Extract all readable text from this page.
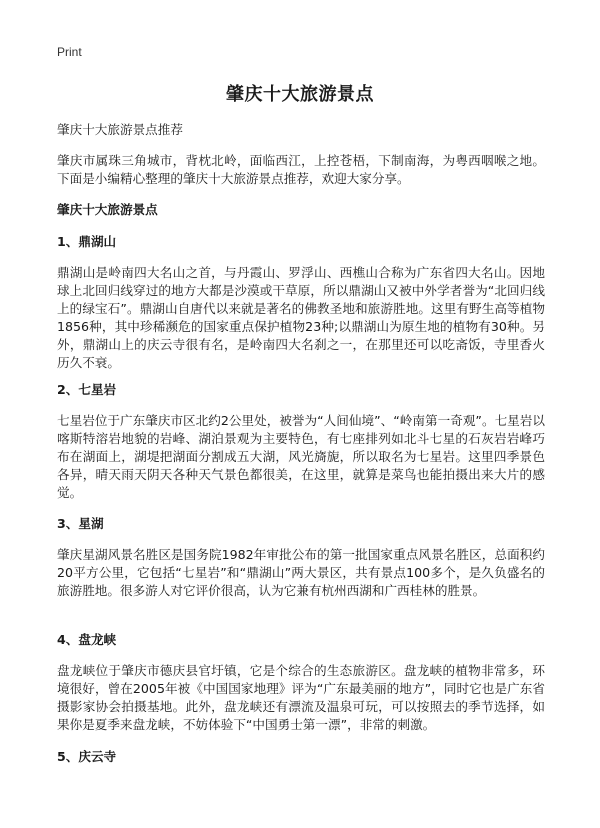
Print
肇庆十大旅游景点

肇庆十大旅游景点推荐

肇庆市属珠三角城市，背枕北岭，面临西江，上控苍梧，下制南海，为粤西咽喉之地。下面是小编精心整理的肇庆十大旅游景点推荐，欢迎大家分享。

肇庆十大旅游景点
1、鼎湖山

鼎湖山是岭南四大名山之首，与丹霞山、罗浮山、西樵山合称为广东省四大名山。因地球上北回归线穿过的地方大都是沙漠或干草原，所以鼎湖山又被中外学者誉为“北回归线上的绿宝石”。鼎湖山自唐代以来就是著名的佛教圣地和旅游胜地。这里有野生高等植物1856种，其中珍稀濒危的国家重点保护植物23种;以鼎湖山为原生地的植物有30种。另外，鼎湖山上的庆云寺很有名，是岭南四大名刹之一，在那里还可以吃斋饭，寺里香火历久不衰。

2、七星岩

七星岩位于广东肇庆市区北约2公里处，被誉为“人间仙境”、“岭南第一奇观”。七星岩以喀斯特溶岩地貌的岩峰、湖泊景观为主要特色，有七座排列如北斗七星的石灰岩岩峰巧布在湖面上，湖堤把湖面分割成五大湖，风光旖旎，所以取名为七星岩。这里四季景色各异，晴天雨天阴天各种天气景色都很美，在这里，就算是菜鸟也能拍摄出来大片的感觉。

3、星湖

肇庆星湖风景名胜区是国务院1982年审批公布的第一批国家重点风景名胜区，总面积约20平方公里，它包括“七星岩”和“鼎湖山”两大景区，共有景点100多个，是久负盛名的旅游胜地。很多游人对它评价很高，认为它兼有杭州西湖和广西桂林的胜景。

4、盘龙峡

盘龙峡位于肇庆市德庆县官圩镇，它是个综合的生态旅游区。盘龙峡的植物非常多，环境很好，曾在2005年被《中国国家地理》评为“广东最美丽的地方”，同时它也是广东省摄影家协会拍摄基地。此外，盘龙峡还有漂流及温泉可玩，可以按照去的季节选择，如果你是夏季来盘龙峡，不妨体验下“中国勇士第一漂”，非常的刺激。

5、庆云寺
